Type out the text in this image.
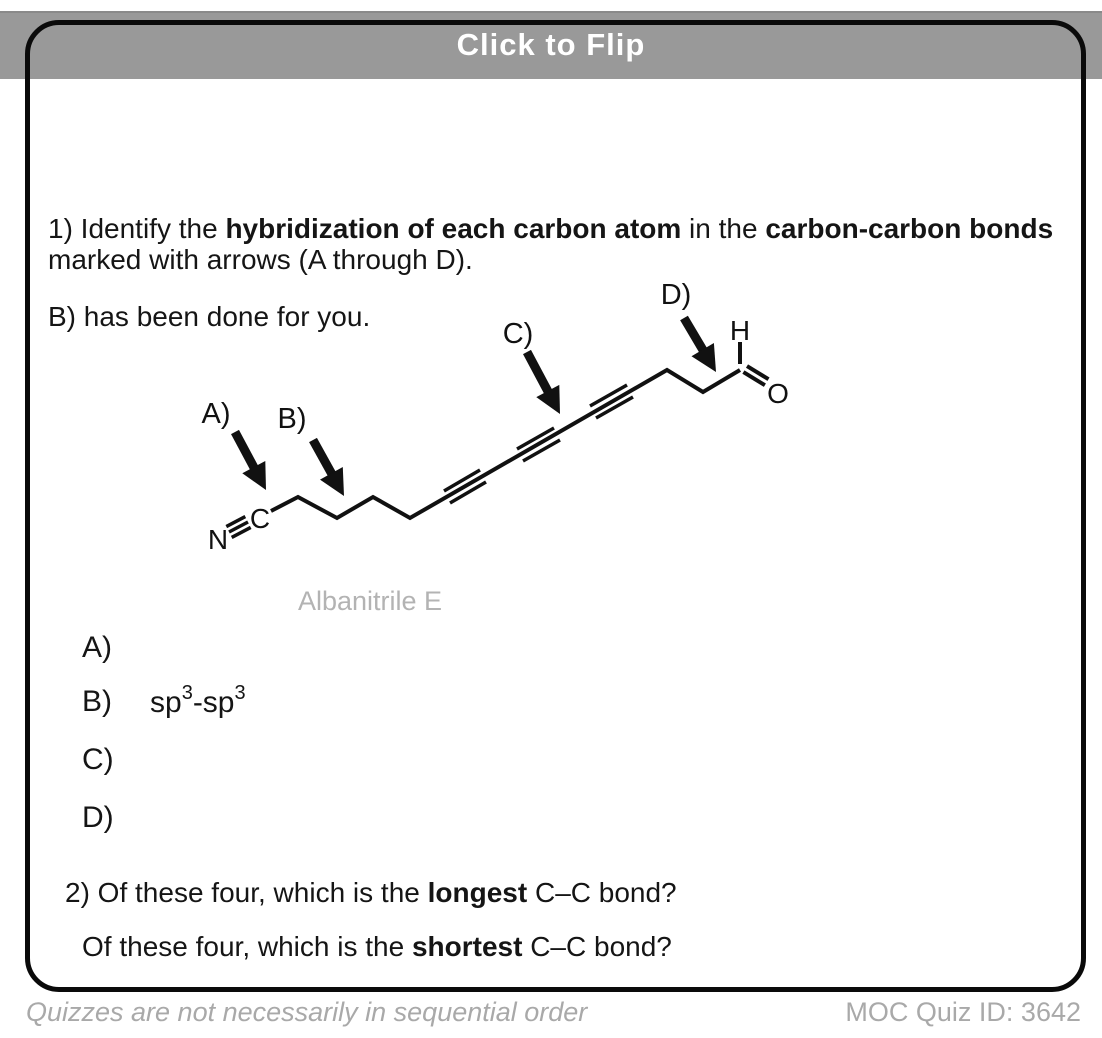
Click to Flip
1) Identify the hybridization of each carbon atom in the carbon-carbon bonds
marked with arrows (A through D).
B) has been done for you.
N
C
H
O
A) B)
C)
D)
Albanitrile E
A)
B) $sp^3-sp^3$
C)
D)
2) Of these four, which is the longest C–C bond?
Of these four, which is the shortest C–C bond?
Quizzes are not necessarily in sequential order	MOC Quiz ID: 3642
